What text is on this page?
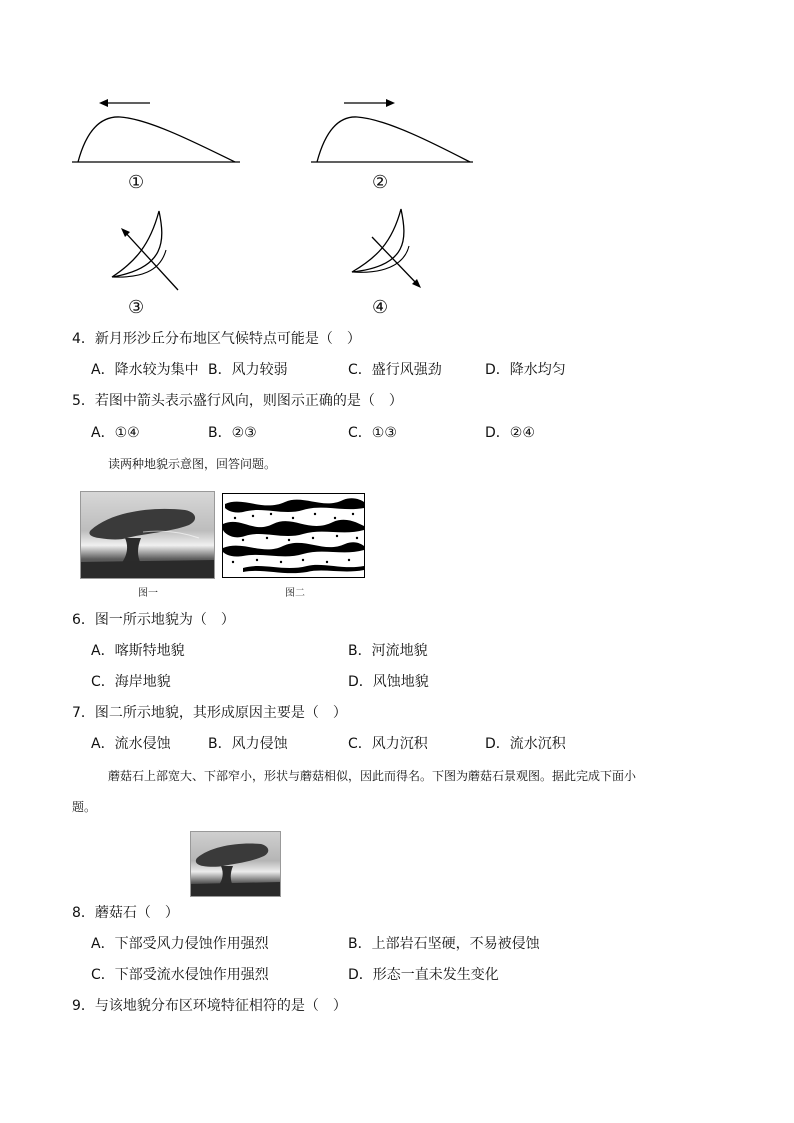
①	②
③	④
4．新月形沙丘分布地区气候特点可能是（　）
A．降水较为集中 B．风力较弱	C．盛行风强劲	D．降水均匀
5．若图中箭头表示盛行风向，则图示正确的是（　）
A．①④	B．②③	C．①③	D．②④
读两种地貌示意图，回答问题。
图一	图二
6．图一所示地貌为（　）
A．喀斯特地貌	B．河流地貌
C．海岸地貌	D．风蚀地貌
7．图二所示地貌，其形成原因主要是（　）
A．流水侵蚀	B．风力侵蚀	C．风力沉积	D．流水沉积
蘑菇石上部宽大、下部窄小，形状与蘑菇相似，因此而得名。下图为蘑菇石景观图。据此完成下面小
题。
8．蘑菇石（　）
A．下部受风力侵蚀作用强烈	B．上部岩石坚硬，不易被侵蚀
C．下部受流水侵蚀作用强烈	D．形态一直未发生变化
9．与该地貌分布区环境特征相符的是（　）
